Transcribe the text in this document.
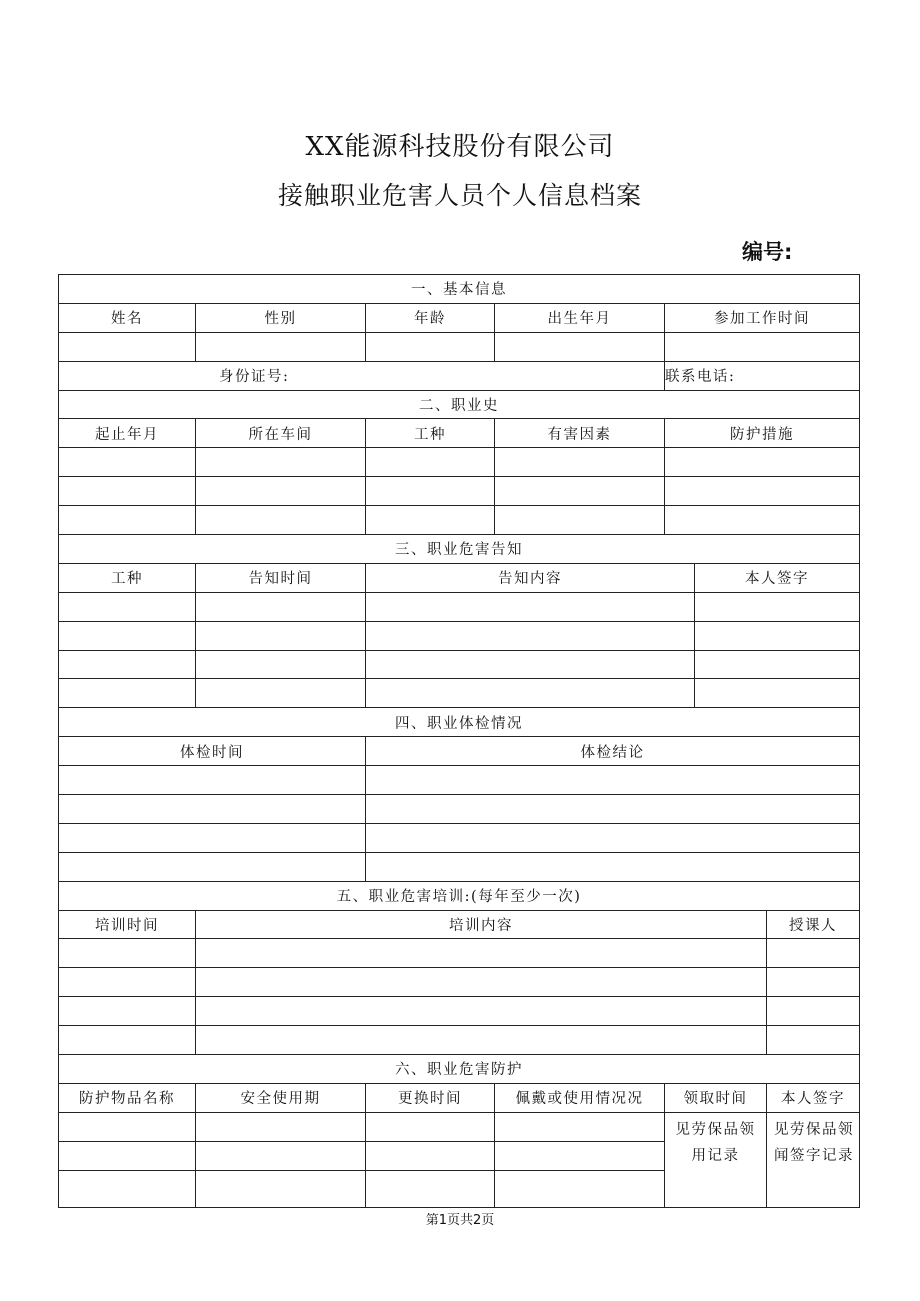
XX能源科技股份有限公司
接触职业危害人员个人信息档案
编号:
一、基本信息						
姓名	性别	年龄	出生年月	参加工作时间		

身份证号:				联系电话:		
二、职业史						
起止年月	所在车间	工种	有害因素	防护措施		

三、职业危害告知						
工种	告知时间	告知内容			本人签字	

四、职业体检情况						
体检时间		体检结论				

五、职业危害培训:(每年至少一次)						
培训时间	培训内容					授课人

六、职业危害防护						
防护物品名称	安全使用期	更换时间	佩戴或使用情况况	领取时间		本人签字
				见劳保品领用记录		见劳保品领闻签字记录

第1页共2页
